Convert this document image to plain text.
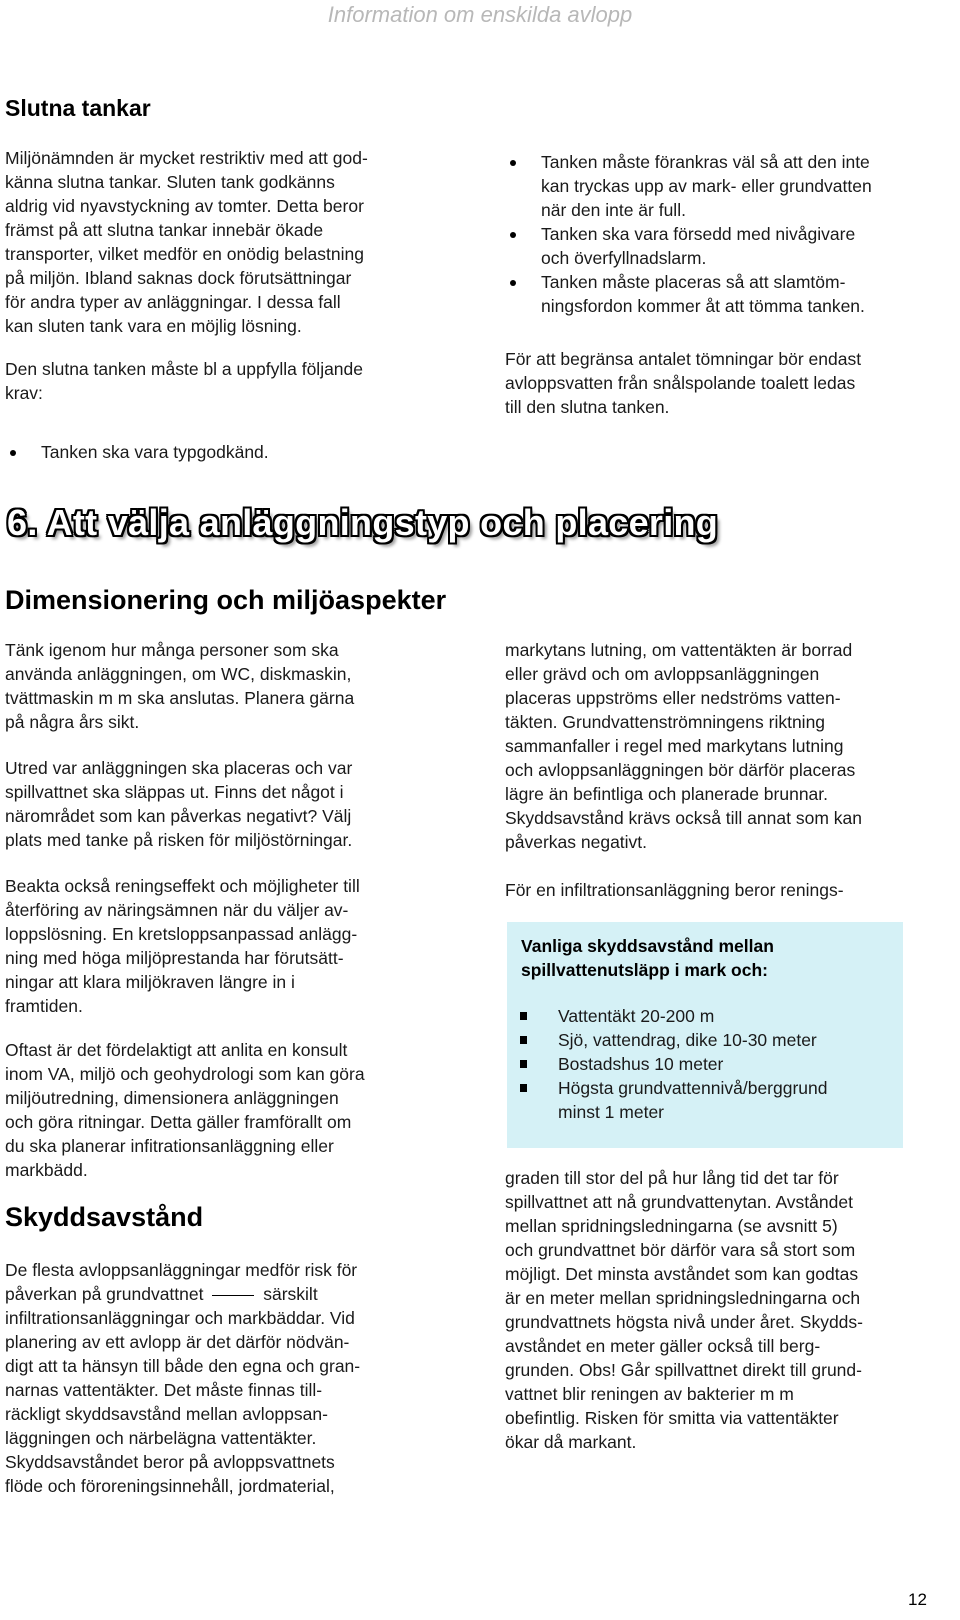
Information om enskilda avlopp
Slutna tankar
Miljönämnden är mycket restriktiv med att god-
känna slutna tankar. Sluten tank godkänns
aldrig vid nyavstyckning av tomter. Detta beror
främst på att slutna tankar innebär ökade
transporter, vilket medför en onödig belastning
på miljön. Ibland saknas dock förutsättningar
för andra typer av anläggningar. I dessa fall
kan sluten tank vara en möjlig lösning.
Den slutna tanken måste bl a uppfylla följande
krav:
Tanken ska vara typgodkänd.
Tanken måste förankras väl så att den inte
kan tryckas upp av mark- eller grundvatten
när den inte är full.
Tanken ska vara försedd med nivågivare
och överfyllnadslarm.
Tanken måste placeras så att slamtöm-
ningsfordon kommer åt att tömma tanken.
För att begränsa antalet tömningar bör endast
avloppsvatten från snålspolande toalett ledas
till den slutna tanken.
6. Att välja anläggningstyp och placering
Dimensionering och miljöaspekter
Tänk igenom hur många personer som ska
använda anläggningen, om WC, diskmaskin,
tvättmaskin m m ska anslutas. Planera gärna
på några års sikt.
Utred var anläggningen ska placeras och var
spillvattnet ska släppas ut. Finns det något i
närområdet som kan påverkas negativt? Välj
plats med tanke på risken för miljöstörningar.
Beakta också reningseffekt och möjligheter till
återföring av näringsämnen när du väljer av-
loppslösning. En kretsloppsanpassad anlägg-
ning med höga miljöprestanda har förutsätt-
ningar att klara miljökraven längre in i
framtiden.
Oftast är det fördelaktigt att anlita en konsult
inom VA, miljö och geohydrologi som kan göra
miljöutredning, dimensionera anläggningen
och göra ritningar. Detta gäller framförallt om
du ska planerar infitrationsanläggning eller
markbädd.
Skyddsavstånd
De flesta avloppsanläggningar medför risk för
påverkan på grundvattnet	särskilt
infiltrationsanläggningar och markbäddar. Vid
planering av ett avlopp är det därför nödvän-
digt att ta hänsyn till både den egna och gran-
narnas vattentäkter. Det måste finnas till-
räckligt skyddsavstånd mellan avloppsan-
läggningen och närbelägna vattentäkter.
Skyddsavståndet beror på avloppsvattnets
flöde och föroreningsinnehåll, jordmaterial,
markytans lutning, om vattentäkten är borrad
eller grävd och om avloppsanläggningen
placeras uppströms eller nedströms vatten-
täkten. Grundvattenströmningens riktning
sammanfaller i regel med markytans lutning
och avloppsanläggningen bör därför placeras
lägre än befintliga och planerade brunnar.
Skyddsavstånd krävs också till annat som kan
påverkas negativt.
För en infiltrationsanläggning beror renings-
Vanliga skyddsavstånd mellan
spillvattenutsläpp i mark och:
Vattentäkt 20-200 m
Sjö, vattendrag, dike 10-30 meter
Bostadshus 10 meter
Högsta grundvattennivå/berggrund
minst 1 meter
graden till stor del på hur lång tid det tar för
spillvattnet att nå grundvattenytan. Avståndet
mellan spridningsledningarna (se avsnitt 5)
och grundvattnet bör därför vara så stort som
möjligt. Det minsta avståndet som kan godtas
är en meter mellan spridningsledningarna och
grundvattnets högsta nivå under året. Skydds-
avståndet en meter gäller också till berg-
grunden. Obs! Går spillvattnet direkt till grund-
vattnet blir reningen av bakterier m m
obefintlig. Risken för smitta via vattentäkter
ökar då markant.
12
